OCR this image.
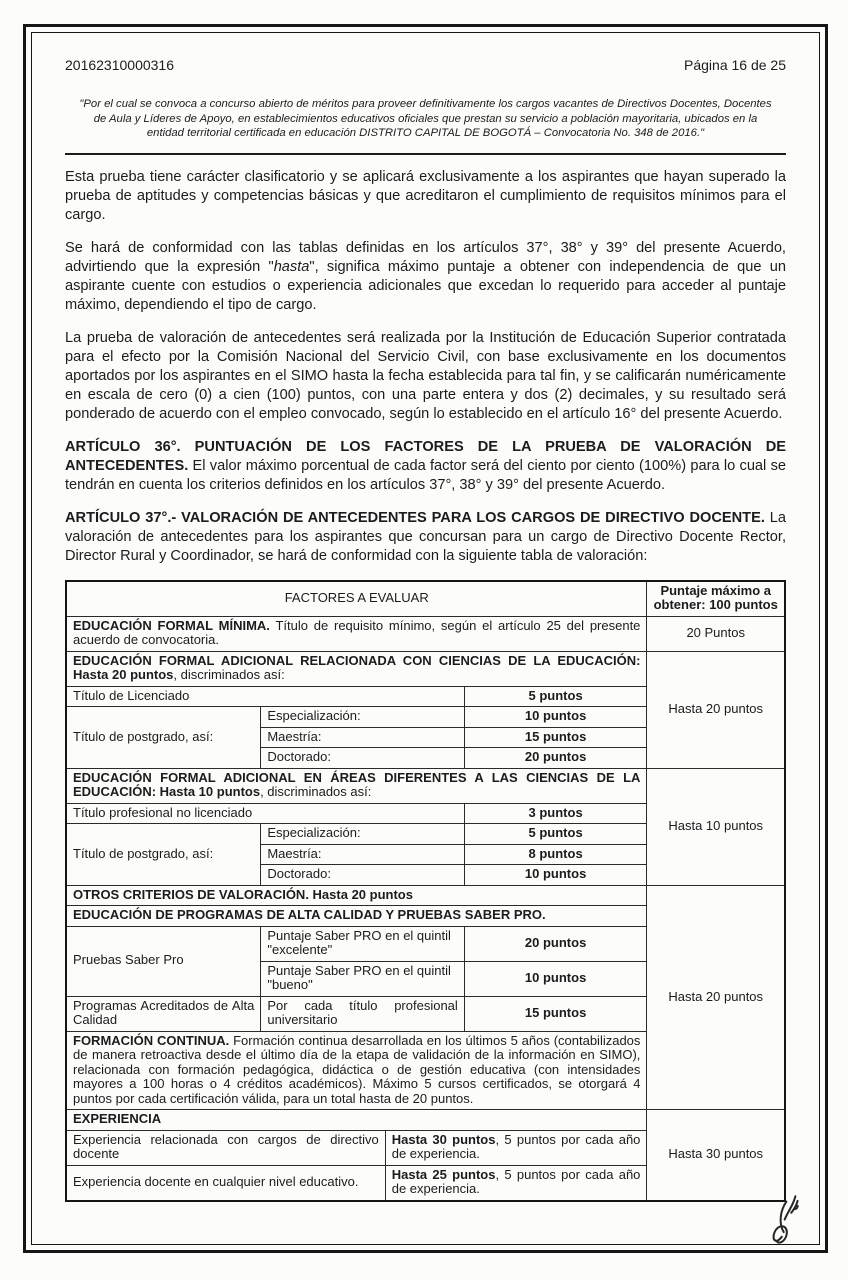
20162310000316	Página 16 de 25

"Por el cual se convoca a concurso abierto de méritos para proveer definitivamente los cargos vacantes de Directivos Docentes, Docentes de Aula y Líderes de Apoyo, en establecimientos educativos oficiales que prestan su servicio a población mayoritaria, ubicados en la entidad territorial certificada en educación DISTRITO CAPITAL DE BOGOTÁ – Convocatoria No. 348 de 2016."

Esta prueba tiene carácter clasificatorio y se aplicará exclusivamente a los aspirantes que hayan superado la prueba de aptitudes y competencias básicas y que acreditaron el cumplimiento de requisitos mínimos para el cargo.

Se hará de conformidad con las tablas definidas en los artículos 37°, 38° y 39° del presente Acuerdo, advirtiendo que la expresión "hasta", significa máximo puntaje a obtener con independencia de que un aspirante cuente con estudios o experiencia adicionales que excedan lo requerido para acceder al puntaje máximo, dependiendo el tipo de cargo.

La prueba de valoración de antecedentes será realizada por la Institución de Educación Superior contratada para el efecto por la Comisión Nacional del Servicio Civil, con base exclusivamente en los documentos aportados por los aspirantes en el SIMO hasta la fecha establecida para tal fin, y se calificarán numéricamente en escala de cero (0) a cien (100) puntos, con una parte entera y dos (2) decimales, y su resultado será ponderado de acuerdo con el empleo convocado, según lo establecido en el artículo 16° del presente Acuerdo.

ARTÍCULO 36°. PUNTUACIÓN DE LOS FACTORES DE LA PRUEBA DE VALORACIÓN DE ANTECEDENTES. El valor máximo porcentual de cada factor será del ciento por ciento (100%) para lo cual se tendrán en cuenta los criterios definidos en los artículos 37°, 38° y 39° del presente Acuerdo.

ARTÍCULO 37°.- VALORACIÓN DE ANTECEDENTES PARA LOS CARGOS DE DIRECTIVO DOCENTE. La valoración de antecedentes para los aspirantes que concursan para un cargo de Directivo Docente Rector, Director Rural y Coordinador, se hará de conformidad con la siguiente tabla de valoración:

FACTORES A EVALUAR				Puntaje máximo a obtener: 100 puntos
EDUCACIÓN FORMAL MÍNIMA. Título de requisito mínimo, según el artículo 25 del presente acuerdo de convocatoria.				20 Puntos
EDUCACIÓN FORMAL ADICIONAL RELACIONADA CON CIENCIAS DE LA EDUCACIÓN: Hasta 20 puntos, discriminados así:				Hasta 20 puntos
Título de Licenciado			5 puntos	
Título de postgrado, así:	Especialización:		10 puntos	
	Maestría:		15 puntos	
	Doctorado:		20 puntos	
EDUCACIÓN FORMAL ADICIONAL EN ÁREAS DIFERENTES A LAS CIENCIAS DE LA EDUCACIÓN: Hasta 10 puntos, discriminados así:				Hasta 10 puntos
Título profesional no licenciado			3 puntos	
Título de postgrado, así:	Especialización:		5 puntos	
	Maestría:		8 puntos	
	Doctorado:		10 puntos	
OTROS CRITERIOS DE VALORACIÓN. Hasta 20 puntos				Hasta 20 puntos
EDUCACIÓN DE PROGRAMAS DE ALTA CALIDAD Y PRUEBAS SABER PRO.				
Pruebas Saber Pro	Puntaje Saber PRO en el quintil "excelente"		20 puntos	
	Puntaje Saber PRO en el quintil "bueno"		10 puntos	
Programas Acreditados de Alta Calidad	Por cada título profesional universitario		15 puntos	
FORMACIÓN CONTINUA. Formación continua desarrollada en los últimos 5 años (contabilizados de manera retroactiva desde el último día de la etapa de validación de la información en SIMO), relacionada con formación pedagógica, didáctica o de gestión educativa (con intensidades mayores a 100 horas o 4 créditos académicos). Máximo 5 cursos certificados, se otorgará 4 puntos por cada certificación válida, para un total hasta de 20 puntos.				
EXPERIENCIA				Hasta 30 puntos
Experiencia relacionada con cargos de directivo docente		Hasta 30 puntos, 5 puntos por cada año de experiencia.		
Experiencia docente en cualquier nivel educativo.		Hasta 25 puntos, 5 puntos por cada año de experiencia.		
